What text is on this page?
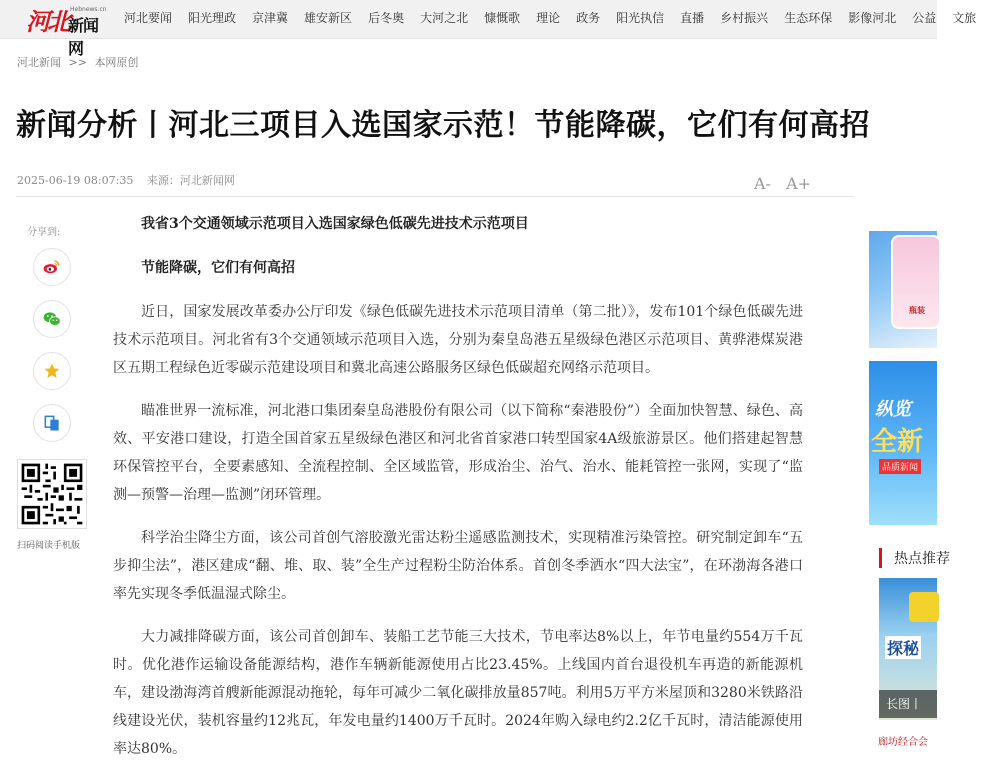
河北 Hebnews.cn
新闻网
河北要闻 阳光理政 京津冀 雄安新区 后冬奥 大河之北 慷慨歌 理论 政务 阳光执信 直播 乡村振兴 生态环保 影像河北 公益 文旅
河北新闻 >> 本网原创
新闻分析丨河北三项目入选国家示范！节能降碳，它们有何高招
2025-06-19 08:07:35 来源：河北新闻网	A- A+
分享到:
扫码阅读手机版

我省3个交通领域示范项目入选国家绿色低碳先进技术示范项目

节能降碳，它们有何高招

近日，国家发展改革委办公厅印发《绿色低碳先进技术示范项目清单（第二批）》，发布101个绿色低碳先进技术示范项目。河北省有3个交通领域示范项目入选，分别为秦皇岛港五星级绿色港区示范项目、黄骅港煤炭港区五期工程绿色近零碳示范建设项目和冀北高速公路服务区绿色低碳超充网络示范项目。

瞄准世界一流标准，河北港口集团秦皇岛港股份有限公司（以下简称“秦港股份”）全面加快智慧、绿色、高效、平安港口建设，打造全国首家五星级绿色港区和河北省首家港口转型国家4A级旅游景区。他们搭建起智慧环保管控平台，全要素感知、全流程控制、全区域监管，形成治尘、治气、治水、能耗管控一张网，实现了“监测—预警—治理—监测”闭环管理。

科学治尘降尘方面，该公司首创气溶胶激光雷达粉尘遥感监测技术，实现精准污染管控。研究制定卸车“五步抑尘法”，港区建成“翻、堆、取、装”全生产过程粉尘防治体系。首创冬季洒水“四大法宝”，在环渤海各港口率先实现冬季低温湿式除尘。

大力减排降碳方面，该公司首创卸车、装船工艺节能三大技术，节电率达8%以上，年节电量约554万千瓦时。优化港作运输设备能源结构，港作车辆新能源使用占比23.45%。上线国内首台退役机车再造的新能源机车，建设渤海湾首艘新能源混动拖轮，每年可减少二氧化碳排放量857吨。利用5万平方米屋顶和3280米铁路沿线建设光伏，装机容量约12兆瓦，年发电量约1400万千瓦时。2024年购入绿电约2.2亿千瓦时，清洁能源使用率达80%。

瓶装
纵览
全新
品质新闻
热点推荐
探秘
长图丨
廊坊经合会
